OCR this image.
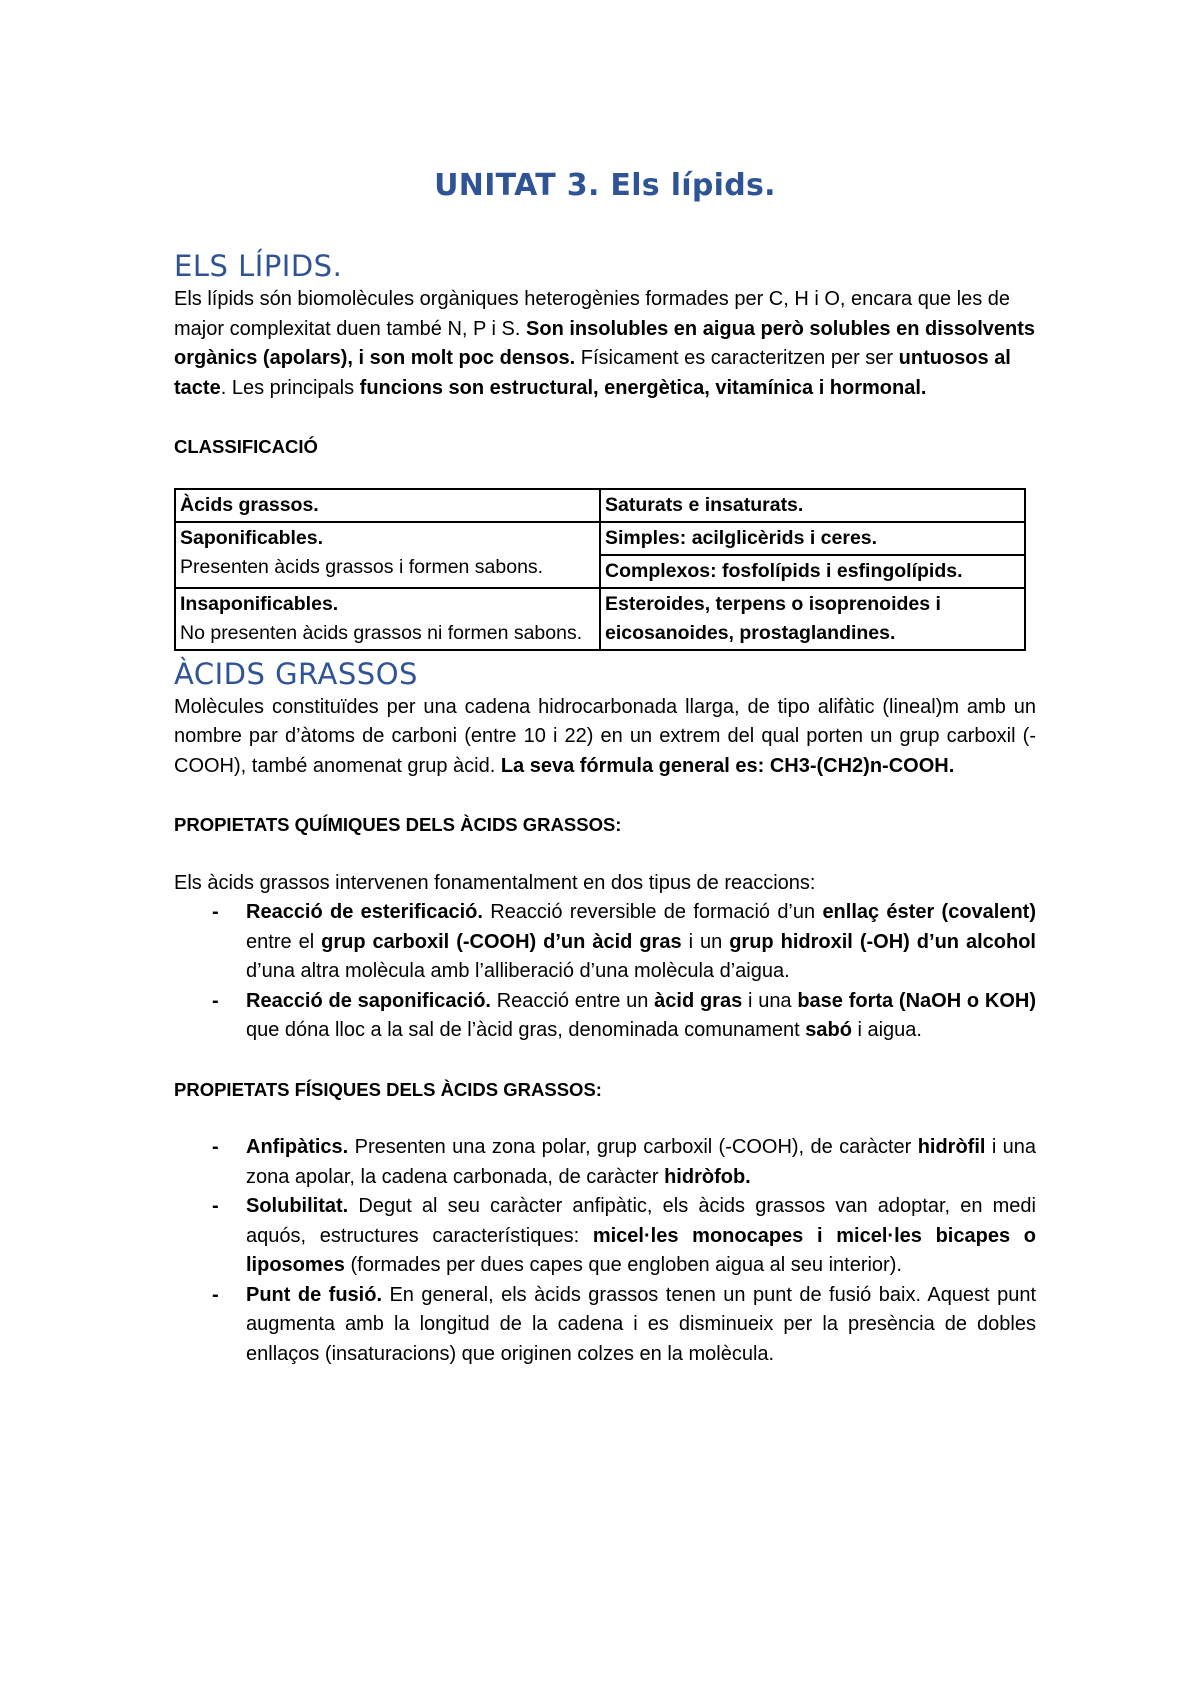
UNITAT 3. Els lípids.
ELS LÍPIDS.

Els lípids són biomolècules orgàniques heterogènies formades per C, H i O, encara que les de major complexitat duen també N, P i S. Son insolubles en aigua però solubles en dissolvents orgànics (apolars), i son molt poc densos. Físicament es caracteritzen per ser untuosos al tacte. Les principals funcions son estructural, energètica, vitamínica i hormonal.

CLASSIFICACIÓ

Àcids grassos.	Saturats e insaturats.
Saponificables.
Presenten àcids grassos i formen sabons.	Simples: acilglicèrids i ceres.
	Complexos: fosfolípids i esfingolípids.
Insaponificables.
No presenten àcids grassos ni formen sabons.	Esteroides, terpens o isoprenoides i eicosanoides, prostaglandines.
ÀCIDS GRASSOS

Molècules constituïdes per una cadena hidrocarbonada llarga, de tipo alifàtic (lineal)m amb un nombre par d’àtoms de carboni (entre 10 i 22) en un extrem del qual porten un grup carboxil (-COOH), també anomenat grup àcid. La seva fórmula general es: CH3-(CH2)n-COOH.

PROPIETATS QUÍMIQUES DELS ÀCIDS GRASSOS:

Els àcids grassos intervenen fonamentalment en dos tipus de reaccions:

- Reacció de esterificació. Reacció reversible de formació d’un enllaç éster (covalent) entre el grup carboxil (-COOH) d’un àcid gras i un grup hidroxil (-OH) d’un alcohol d’una altra molècula amb l’alliberació d’una molècula d’aigua.
- Reacció de saponificació. Reacció entre un àcid gras i una base forta (NaOH o KOH) que dóna lloc a la sal de l’àcid gras, denominada comunament sabó i aigua.

PROPIETATS FÍSIQUES DELS ÀCIDS GRASSOS:

- Anfipàtics. Presenten una zona polar, grup carboxil (-COOH), de caràcter hidròfil i una zona apolar, la cadena carbonada, de caràcter hidròfob.
- Solubilitat. Degut al seu caràcter anfipàtic, els àcids grassos van adoptar, en medi aquós, estructures característiques: micel·les monocapes i micel·les bicapes o liposomes (formades per dues capes que engloben aigua al seu interior).
- Punt de fusió. En general, els àcids grassos tenen un punt de fusió baix. Aquest punt augmenta amb la longitud de la cadena i es disminueix per la presència de dobles enllaços (insaturacions) que originen colzes en la molècula.
